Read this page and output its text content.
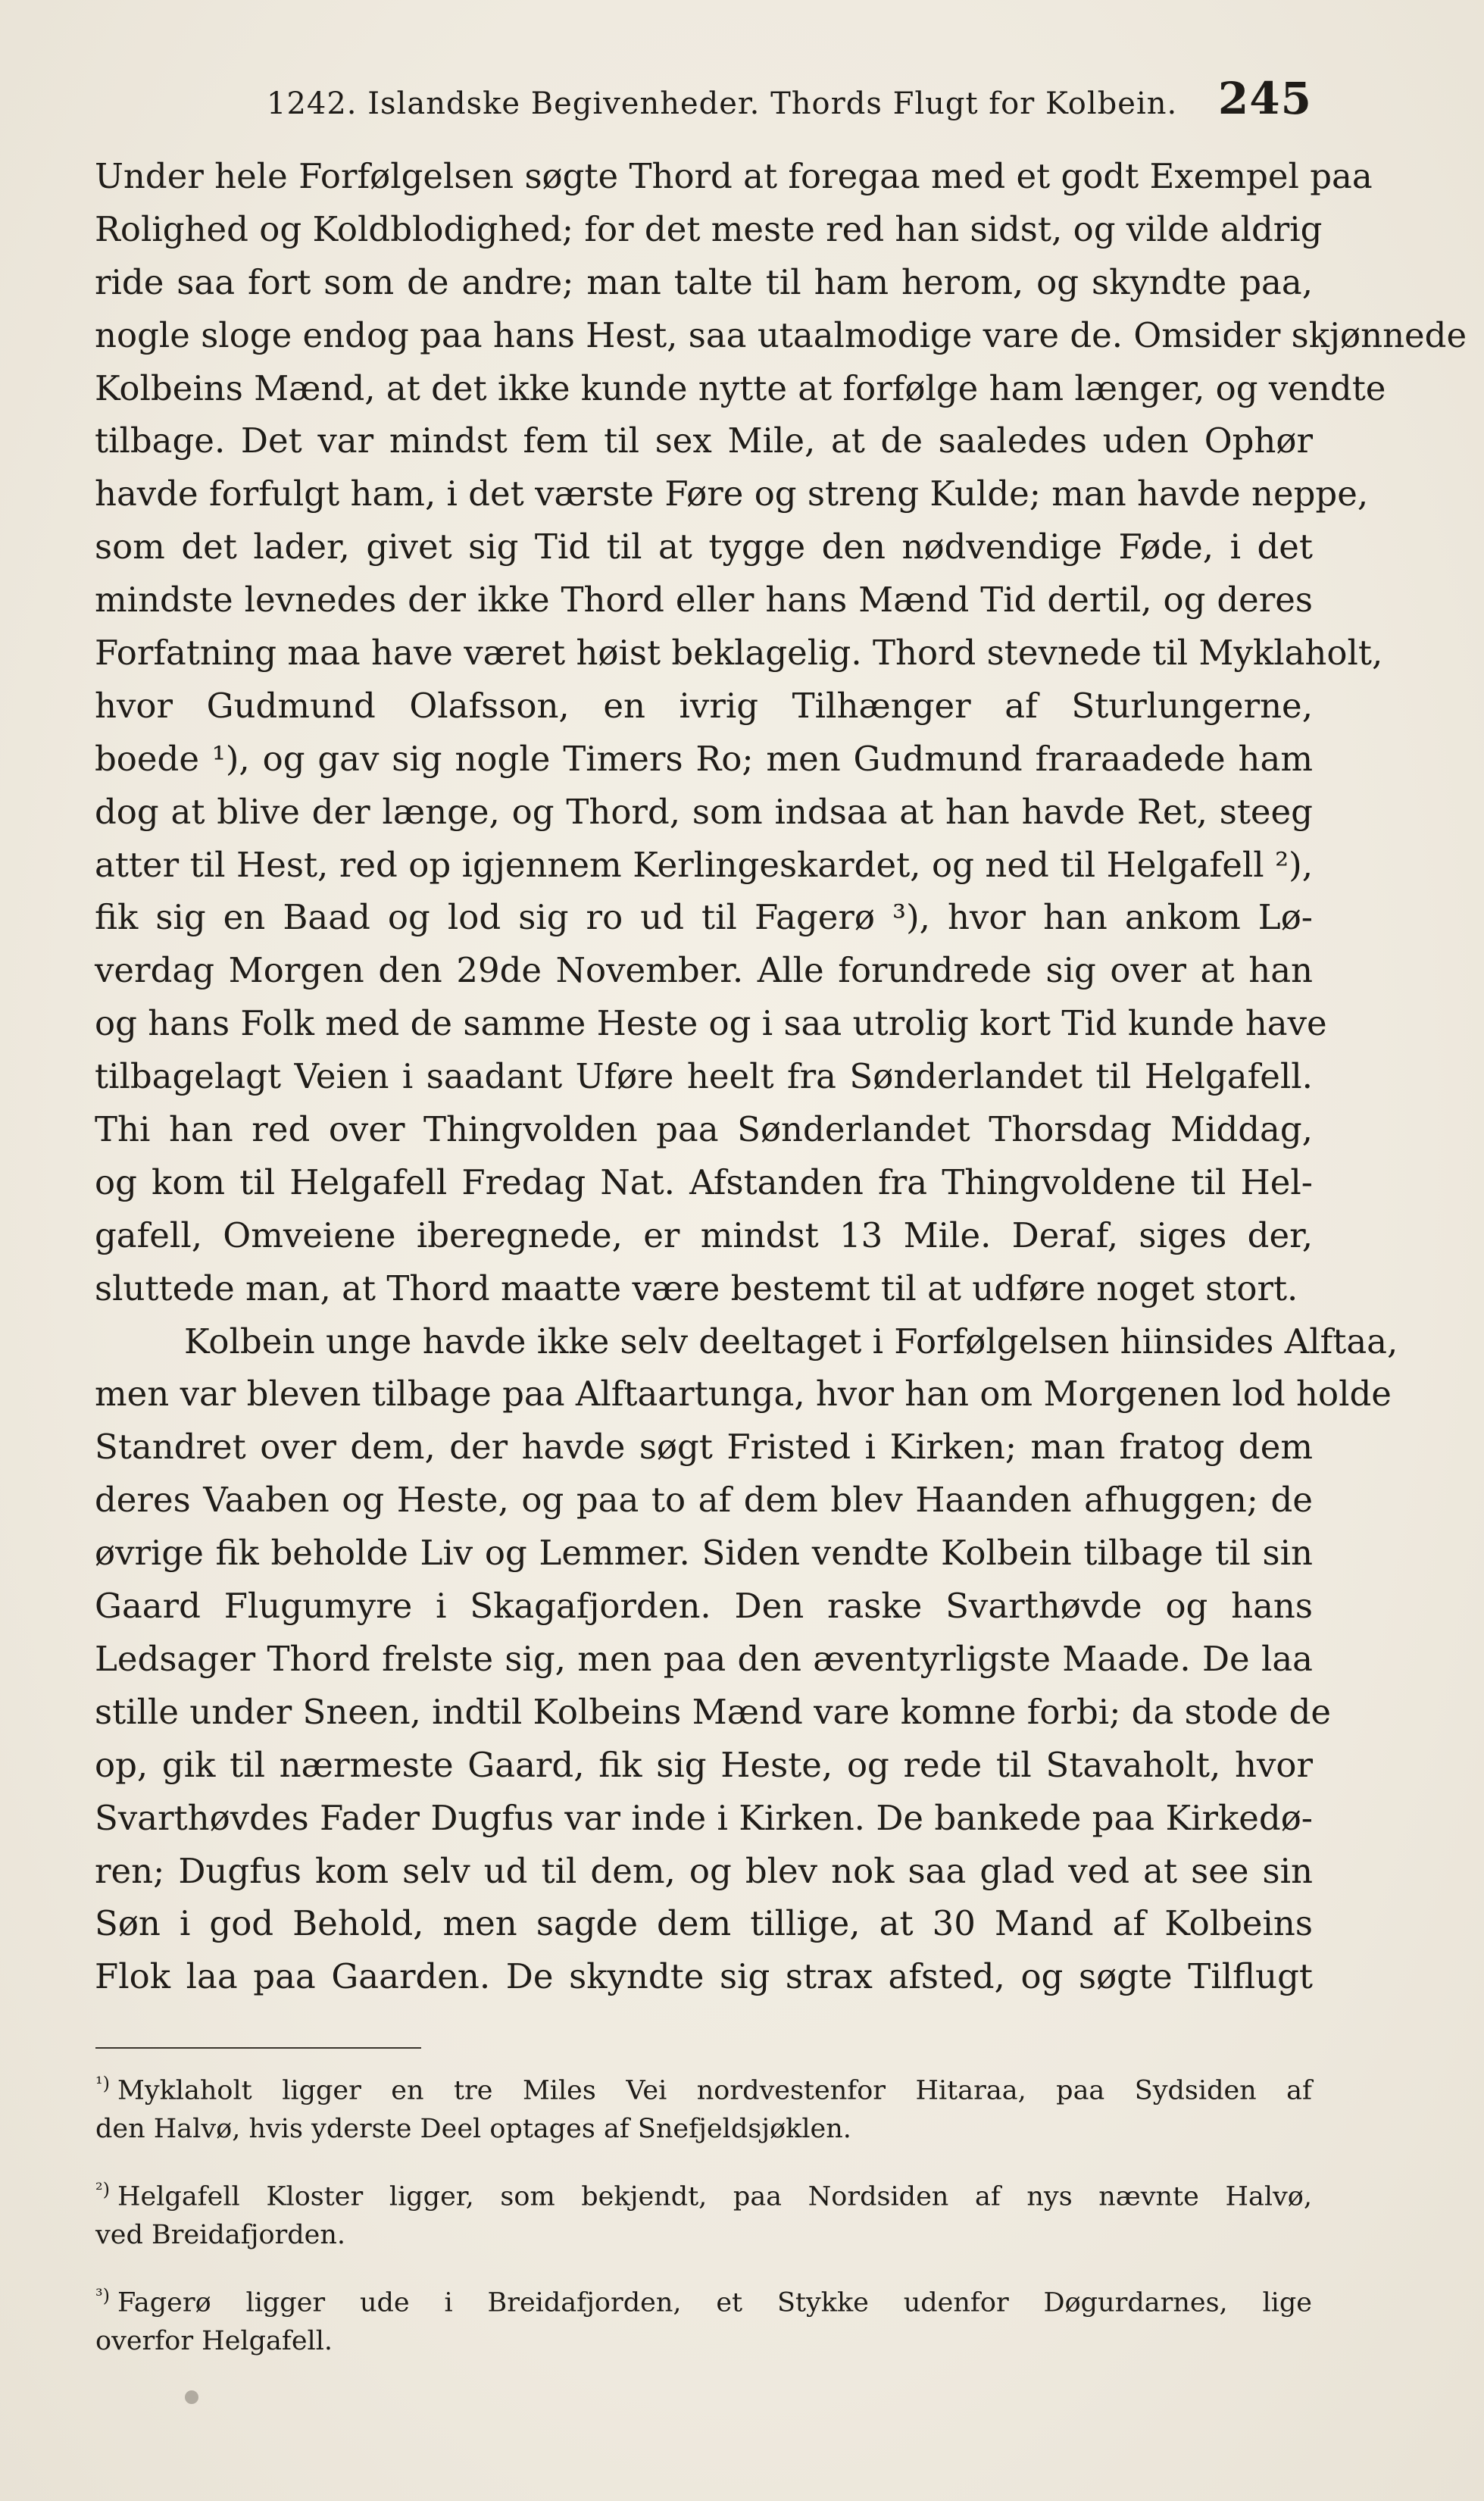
1242. Islandske Begivenheder. Thords Flugt for Kolbein. 245
Under hele Forfølgelsen søgte Thord at foregaa med et godt Exempel paa
Rolighed og Koldblodighed; for det meste red han sidst, og vilde aldrig
ride saa fort som de andre; man talte til ham herom, og skyndte paa,
nogle sloge endog paa hans Hest, saa utaalmodige vare de. Omsider skjønnede
Kolbeins Mænd, at det ikke kunde nytte at forfølge ham længer, og vendte
tilbage. Det var mindst fem til sex Mile, at de saaledes uden Ophør
havde forfulgt ham, i det værste Føre og streng Kulde; man havde neppe,
som det lader, givet sig Tid til at tygge den nødvendige Føde, i det
mindste levnedes der ikke Thord eller hans Mænd Tid dertil, og deres
Forfatning maa have været høist beklagelig. Thord stevnede til Myklaholt,
hvor Gudmund Olafsson, en ivrig Tilhænger af Sturlungerne,
boede ¹), og gav sig nogle Timers Ro; men Gudmund fraraadede ham
dog at blive der længe, og Thord, som indsaa at han havde Ret, steeg
atter til Hest, red op igjennem Kerlingeskardet, og ned til Helgafell ²),
fik sig en Baad og lod sig ro ud til Fagerø ³), hvor han ankom Lø-
verdag Morgen den 29de November. Alle forundrede sig over at han
og hans Folk med de samme Heste og i saa utrolig kort Tid kunde have
tilbagelagt Veien i saadant Uføre heelt fra Sønderlandet til Helgafell.
Thi han red over Thingvolden paa Sønderlandet Thorsdag Middag,
og kom til Helgafell Fredag Nat. Afstanden fra Thingvoldene til Hel-
gafell, Omveiene iberegnede, er mindst 13 Mile. Deraf, siges der,
sluttede man, at Thord maatte være bestemt til at udføre noget stort.
Kolbein unge havde ikke selv deeltaget i Forfølgelsen hiinsides Alftaa,
men var bleven tilbage paa Alftaartunga, hvor han om Morgenen lod holde
Standret over dem, der havde søgt Fristed i Kirken; man fratog dem
deres Vaaben og Heste, og paa to af dem blev Haanden afhuggen; de
øvrige fik beholde Liv og Lemmer. Siden vendte Kolbein tilbage til sin
Gaard Flugumyre i Skagafjorden. Den raske Svarthøvde og hans
Ledsager Thord frelste sig, men paa den æventyrligste Maade. De laa
stille under Sneen, indtil Kolbeins Mænd vare komne forbi; da stode de
op, gik til nærmeste Gaard, fik sig Heste, og rede til Stavaholt, hvor
Svarthøvdes Fader Dugfus var inde i Kirken. De bankede paa Kirkedø-
ren; Dugfus kom selv ud til dem, og blev nok saa glad ved at see sin
Søn i god Behold, men sagde dem tillige, at 30 Mand af Kolbeins
Flok laa paa Gaarden. De skyndte sig strax afsted, og søgte Tilflugt
$^{^1)}$ Myklaholt ligger en tre Miles Vei nordvestenfor Hitaraa, paa Sydsiden af
den Halvø, hvis yderste Deel optages af Snefjeldsjøklen.
$^{^2)}$ Helgafell Kloster ligger, som bekjendt, paa Nordsiden af nys nævnte Halvø,
ved Breidafjorden.
$^{^3)}$ Fagerø ligger ude i Breidafjorden, et Stykke udenfor Døgurdarnes, lige
overfor Helgafell.
